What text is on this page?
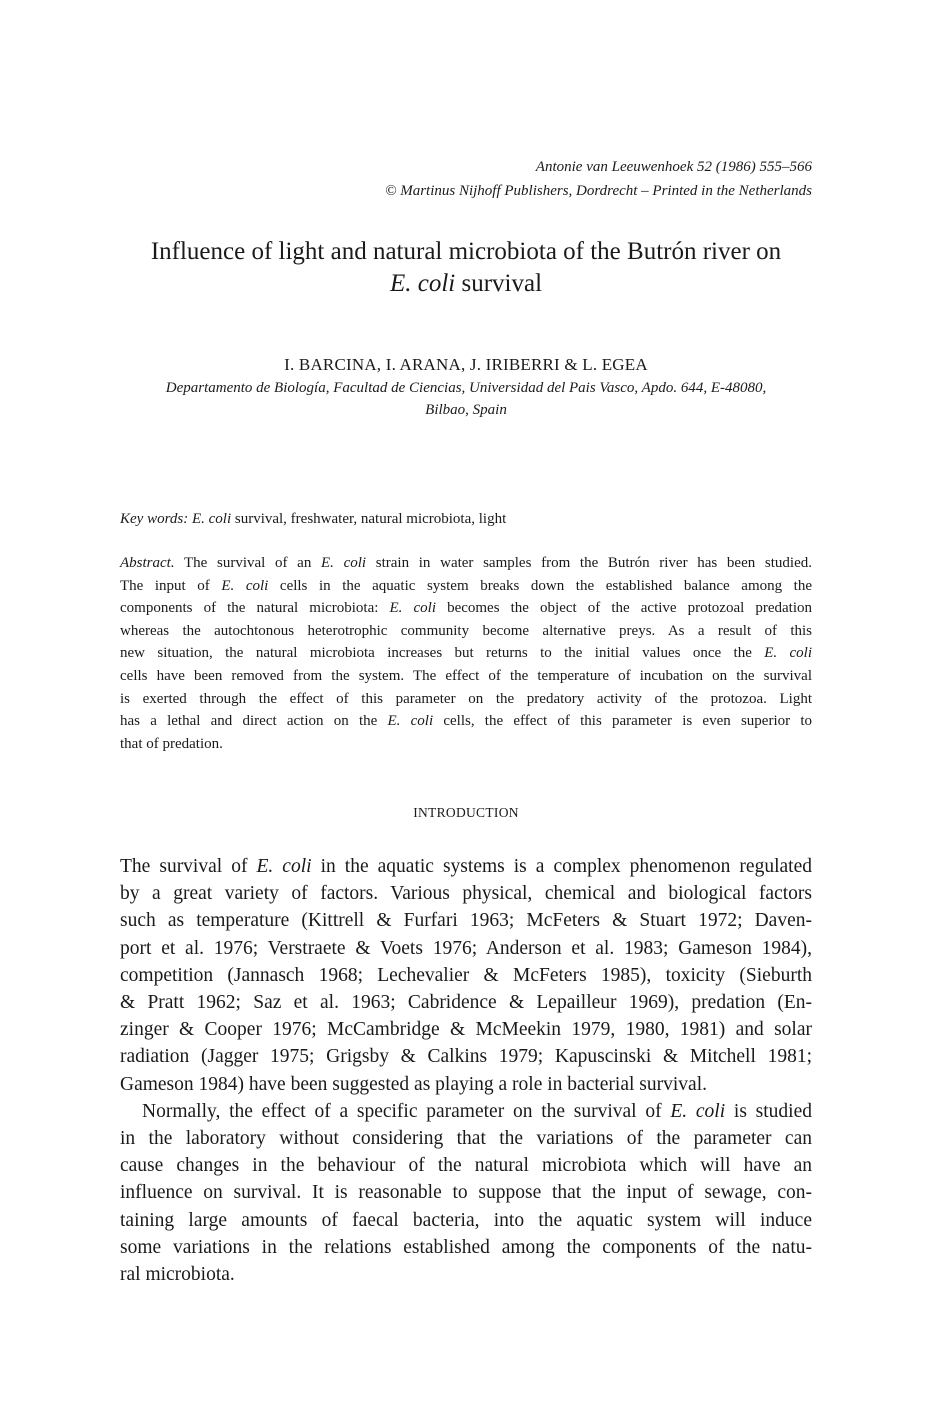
Antonie van Leeuwenhoek 52 (1986) 555–566
© Martinus Nijhoff Publishers, Dordrecht – Printed in the Netherlands
Influence of light and natural microbiota of the Butrón river on
E. coli survival
I. BARCINA, I. ARANA, J. IRIBERRI & L. EGEA
Departamento de Biología, Facultad de Ciencias, Universidad del Pais Vasco, Apdo. 644, E-48080,
Bilbao, Spain
Key words: E. coli survival, freshwater, natural microbiota, light
Abstract. The survival of an E. coli strain in water samples from the Butrón river has been studied.
The input of E. coli cells in the aquatic system breaks down the established balance among the
components of the natural microbiota: E. coli becomes the object of the active protozoal predation
whereas the autochtonous heterotrophic community become alternative preys. As a result of this
new situation, the natural microbiota increases but returns to the initial values once the E. coli
cells have been removed from the system. The effect of the temperature of incubation on the survival
is exerted through the effect of this parameter on the predatory activity of the protozoa. Light
has a lethal and direct action on the E. coli cells, the effect of this parameter is even superior to
that of predation.
INTRODUCTION
The survival of E. coli in the aquatic systems is a complex phenomenon regulated
by a great variety of factors. Various physical, chemical and biological factors
such as temperature (Kittrell & Furfari 1963; McFeters & Stuart 1972; Daven-
port et al. 1976; Verstraete & Voets 1976; Anderson et al. 1983; Gameson 1984),
competition (Jannasch 1968; Lechevalier & McFeters 1985), toxicity (Sieburth
& Pratt 1962; Saz et al. 1963; Cabridence & Lepailleur 1969), predation (En-
zinger & Cooper 1976; McCambridge & McMeekin 1979, 1980, 1981) and solar
radiation (Jagger 1975; Grigsby & Calkins 1979; Kapuscinski & Mitchell 1981;
Gameson 1984) have been suggested as playing a role in bacterial survival.
Normally, the effect of a specific parameter on the survival of E. coli is studied
in the laboratory without considering that the variations of the parameter can
cause changes in the behaviour of the natural microbiota which will have an
influence on survival. It is reasonable to suppose that the input of sewage, con-
taining large amounts of faecal bacteria, into the aquatic system will induce
some variations in the relations established among the components of the natu-
ral microbiota.
